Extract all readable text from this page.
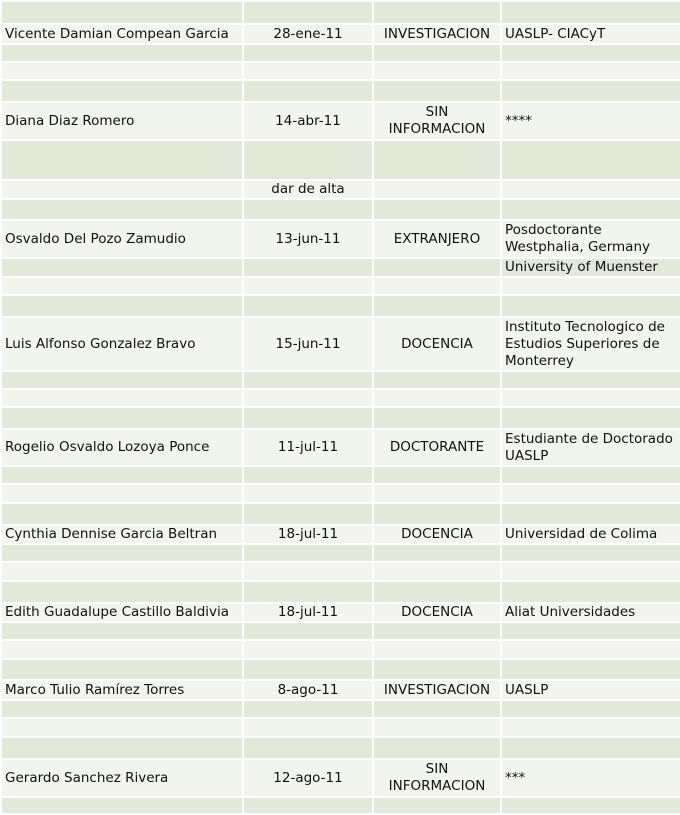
Vicente Damian Compean Garcia	28-ene-11	INVESTIGACION	UASLP- CIACyT

Diana Diaz Romero	14-abr-11	SIN INFORMACION	****

	dar de alta		

Osvaldo Del Pozo Zamudio	13-jun-11	EXTRANJERO	Posdoctorante Westphalia, Germany
			University of Muenster

Luis Alfonso Gonzalez Bravo	15-jun-11	DOCENCIA	Instituto Tecnologico de Estudios Superiores de Monterrey

Rogelio Osvaldo Lozoya Ponce	11-jul-11	DOCTORANTE	Estudiante de Doctorado UASLP

Cynthia Dennise Garcia Beltran	18-jul-11	DOCENCIA	Universidad de Colima

Edith Guadalupe Castillo Baldivia	18-jul-11	DOCENCIA	Aliat Universidades

Marco Tulio Ramírez Torres	8-ago-11	INVESTIGACION	UASLP

Gerardo Sanchez Rivera	12-ago-11	SIN INFORMACION	***
